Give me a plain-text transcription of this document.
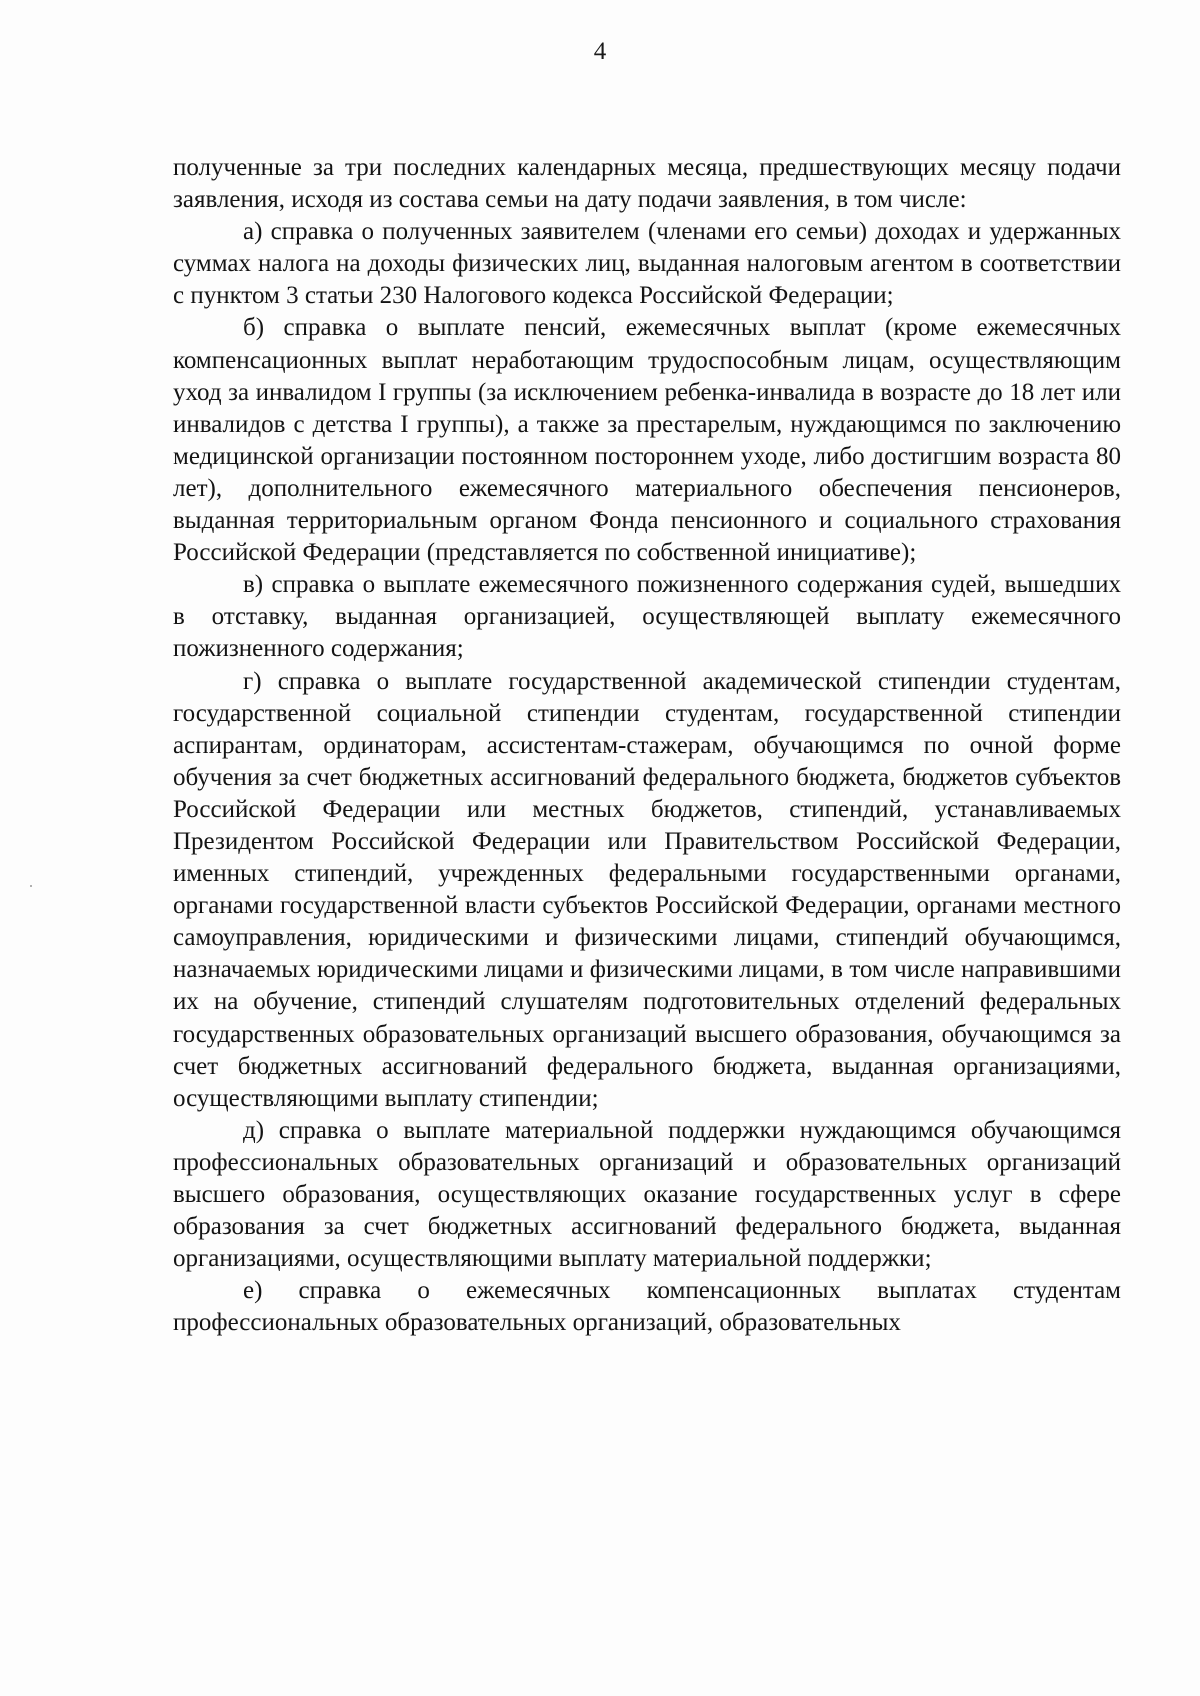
4

полученные за три последних календарных месяца, предшествующих месяцу подачи заявления, исходя из состава семьи на дату подачи заявления, в том числе:

а) справка о полученных заявителем (членами его семьи) доходах и удержанных суммах налога на доходы физических лиц, выданная налоговым агентом в соответствии с пунктом 3 статьи 230 Налогового кодекса Российской Федерации;

б) справка о выплате пенсий, ежемесячных выплат (кроме ежемесячных компенсационных выплат неработающим трудоспособным лицам, осуществляющим уход за инвалидом I группы (за исключением ребенка-инвалида в возрасте до 18 лет или инвалидов с детства I группы), а также за престарелым, нуждающимся по заключению медицинской организации постоянном постороннем уходе, либо достигшим возраста 80 лет), дополнительного ежемесячного материального обеспечения пенсионеров, выданная территориальным органом Фонда пенсионного и социального страхования Российской Федерации (представляется по собственной инициативе);

в) справка о выплате ежемесячного пожизненного содержания судей, вышедших в отставку, выданная организацией, осуществляющей выплату ежемесячного пожизненного содержания;

г) справка о выплате государственной академической стипендии студентам, государственной социальной стипендии студентам, государственной стипендии аспирантам, ординаторам, ассистентам-стажерам, обучающимся по очной форме обучения за счет бюджетных ассигнований федерального бюджета, бюджетов субъектов Российской Федерации или местных бюджетов, стипендий, устанавливаемых Президентом Российской Федерации или Правительством Российской Федерации, именных стипендий, учрежденных федеральными государственными органами, органами государственной власти субъектов Российской Федерации, органами местного самоуправления, юридическими и физическими лицами, стипендий обучающимся, назначаемых юридическими лицами и физическими лицами, в том числе направившими их на обучение, стипендий слушателям подготовительных отделений федеральных государственных образовательных организаций высшего образования, обучающимся за счет бюджетных ассигнований федерального бюджета, выданная организациями, осуществляющими выплату стипендии;

д) справка о выплате материальной поддержки нуждающимся обучающимся профессиональных образовательных организаций и образовательных организаций высшего образования, осуществляющих оказание государственных услуг в сфере образования за счет бюджетных ассигнований федерального бюджета, выданная организациями, осуществляющими выплату материальной поддержки;

е) справка о ежемесячных компенсационных выплатах студентам профессиональных образовательных организаций, образовательных
